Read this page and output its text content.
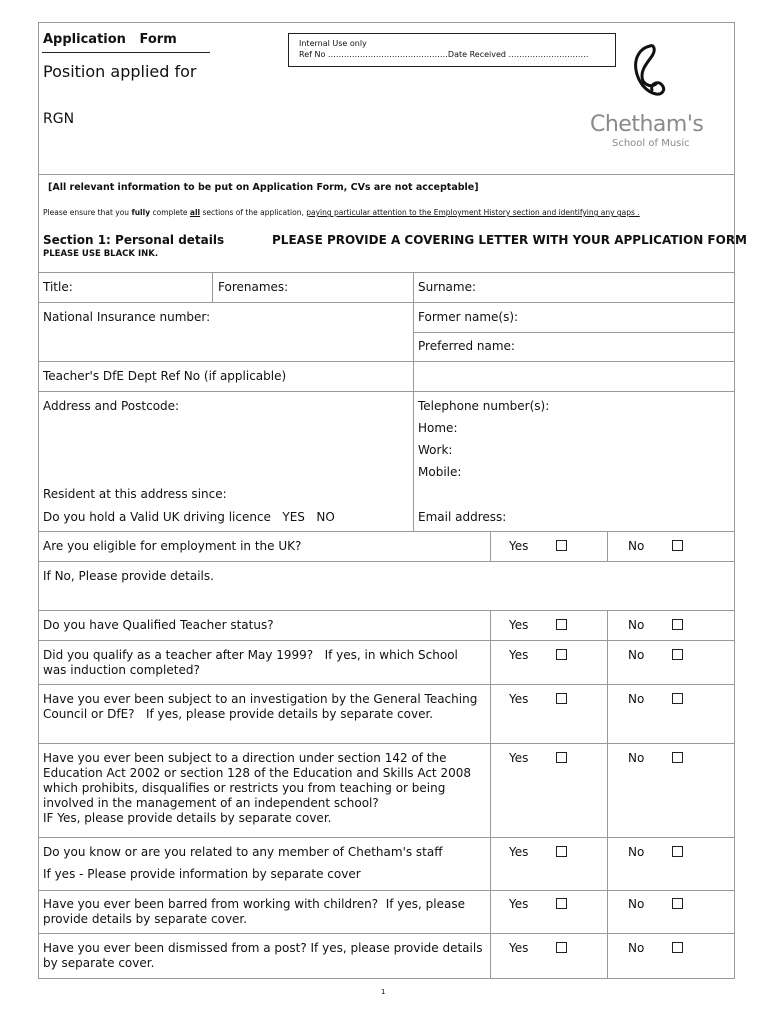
Application   Form
Position applied for
RGN
Internal Use only
Ref No ………………………………………Date Received …………………………
Chetham's
School of Music
[All relevant information to be put on Application Form, CVs are not acceptable]
Please ensure that you fully complete all sections of the application, paying particular attention to the Employment History section and identifying any gaps .
Section 1: Personal details	PLEASE PROVIDE A COVERING LETTER WITH YOUR APPLICATION FORM
PLEASE USE BLACK INK.
Title:	Forenames:	Surname:
National Insurance number:	Former name(s):
Preferred name:
Teacher's DfE Dept Ref No (if applicable)
Address and Postcode:	Telephone number(s):
Home:
Work:
Mobile:
Resident at this address since:
Do you hold a Valid UK driving licence   YES   NO	Email address:
Are you eligible for employment in the UK?	Yes	No
If No, Please provide details.
Do you have Qualified Teacher status?	Yes	No
Did you qualify as a teacher after May 1999?   If yes, in which School was induction completed?
Yes	No
Have you ever been subject to an investigation by the General Teaching Council or DfE?   If yes, please provide details by separate cover.
Yes	No
Have you ever been subject to a direction under section 142 of the Education Act 2002 or section 128 of the Education and Skills Act 2008 which prohibits, disqualifies or restricts you from teaching or being involved in the management of an independent school?
IF Yes, please provide details by separate cover.
Yes	No
Do you know or are you related to any member of Chetham's staff
If yes - Please provide information by separate cover
Yes	No
Have you ever been barred from working with children?  If yes, please provide details by separate cover.
Yes	No
Have you ever been dismissed from a post? If yes, please provide details by separate cover.
Yes	No
1
